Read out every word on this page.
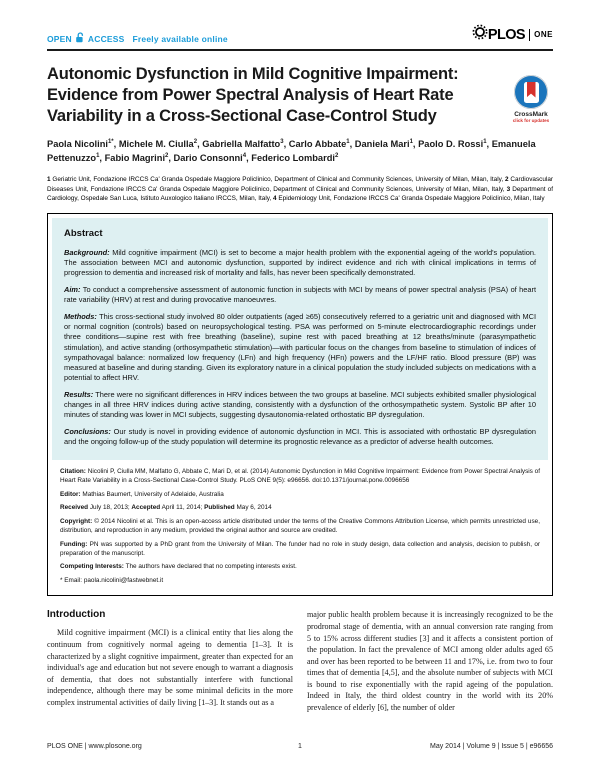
OPEN ACCESS Freely available online	PLOS ONE
Autonomic Dysfunction in Mild Cognitive Impairment: Evidence from Power Spectral Analysis of Heart Rate Variability in a Cross-Sectional Case-Control Study	CrossMark
click for updates

Paola Nicolini$^{1*}$, Michele M. Ciulla$^2$, Gabriella Malfatto$^3$, Carlo Abbate$^1$, Daniela Mari$^1$, Paolo D. Rossi$^1$, Emanuela Pettenuzzo$^1$, Fabio Magrini$^2$, Dario Consonni$^4$, Federico Lombardi$^2$

1 Geriatric Unit, Fondazione IRCCS Ca' Granda Ospedale Maggiore Policlinico, Department of Clinical and Community Sciences, University of Milan, Milan, Italy, 2 Cardiovascular Diseases Unit, Fondazione IRCCS Ca' Granda Ospedale Maggiore Policlinico, Department of Clinical and Community Sciences, University of Milan, Milan, Italy, 3 Department of Cardiology, Ospedale San Luca, Istituto Auxologico Italiano IRCCS, Milan, Italy, 4 Epidemiology Unit, Fondazione IRCCS Ca' Granda Ospedale Maggiore Policlinico, Milan, Italy

Abstract

Background: Mild cognitive impairment (MCI) is set to become a major health problem with the exponential ageing of the world's population. The association between MCI and autonomic dysfunction, supported by indirect evidence and rich with clinical implications in terms of progression to dementia and increased risk of mortality and falls, has never been specifically demonstrated.

Aim: To conduct a comprehensive assessment of autonomic function in subjects with MCI by means of power spectral analysis (PSA) of heart rate variability (HRV) at rest and during provocative manoeuvres.

Methods: This cross-sectional study involved 80 older outpatients (aged ≥65) consecutively referred to a geriatric unit and diagnosed with MCI or normal cognition (controls) based on neuropsychological testing. PSA was performed on 5-minute electrocardiographic recordings under three conditions—supine rest with free breathing (baseline), supine rest with paced breathing at 12 breaths/minute (parasympathetic stimulation), and active standing (orthosympathetic stimulation)—with particular focus on the changes from baseline to stimulation of indices of sympathovagal balance: normalized low frequency (LFn) and high frequency (HFn) powers and the LF/HF ratio. Blood pressure (BP) was measured at baseline and during standing. Given its exploratory nature in a clinical population the study included subjects on medications with a potential to affect HRV.

Results: There were no significant differences in HRV indices between the two groups at baseline. MCI subjects exhibited smaller physiological changes in all three HRV indices during active standing, consistently with a dysfunction of the orthosympathetic system. Systolic BP after 10 minutes of standing was lower in MCI subjects, suggesting dysautonomia-related orthostatic BP dysregulation.

Conclusions: Our study is novel in providing evidence of autonomic dysfunction in MCI. This is associated with orthostatic BP dysregulation and the ongoing follow-up of the study population will determine its prognostic relevance as a predictor of adverse health outcomes.

Citation: Nicolini P, Ciulla MM, Malfatto G, Abbate C, Mari D, et al. (2014) Autonomic Dysfunction in Mild Cognitive Impairment: Evidence from Power Spectral Analysis of Heart Rate Variability in a Cross-Sectional Case-Control Study. PLoS ONE 9(5): e96656. doi:10.1371/journal.pone.0096656

Editor: Mathias Baumert, University of Adelaide, Australia

Received July 18, 2013; Accepted April 11, 2014; Published May 6, 2014

Copyright: © 2014 Nicolini et al. This is an open-access article distributed under the terms of the Creative Commons Attribution License, which permits unrestricted use, distribution, and reproduction in any medium, provided the original author and source are credited.

Funding: PN was supported by a PhD grant from the University of Milan. The funder had no role in study design, data collection and analysis, decision to publish, or preparation of the manuscript.

Competing Interests: The authors have declared that no competing interests exist.

* Email: paola.nicolini@fastwebnet.it

Introduction

Mild cognitive impairment (MCI) is a clinical entity that lies along the continuum from cognitively normal ageing to dementia [1–3]. It is characterized by a slight cognitive impairment, greater than expected for an individual's age and education but not severe enough to warrant a diagnosis of dementia, that does not substantially interfere with functional independence, although there may be some minimal deficits in the more complex instrumental activities of daily living [1–3]. It stands out as a

major public health problem because it is increasingly recognized to be the prodromal stage of dementia, with an annual conversion rate ranging from 5 to 15% across different studies [3] and it affects a consistent portion of the population. In fact the prevalence of MCI among older adults aged 65 and over has been reported to be between 11 and 17%, i.e. from two to four times that of dementia [4,5], and the absolute number of subjects with MCI is bound to rise exponentially with the rapid ageing of the population. Indeed in Italy, the third oldest country in the world with its 20% prevalence of elderly [6], the number of older

PLOS ONE | www.plosone.org	1	May 2014 | Volume 9 | Issue 5 | e96656
